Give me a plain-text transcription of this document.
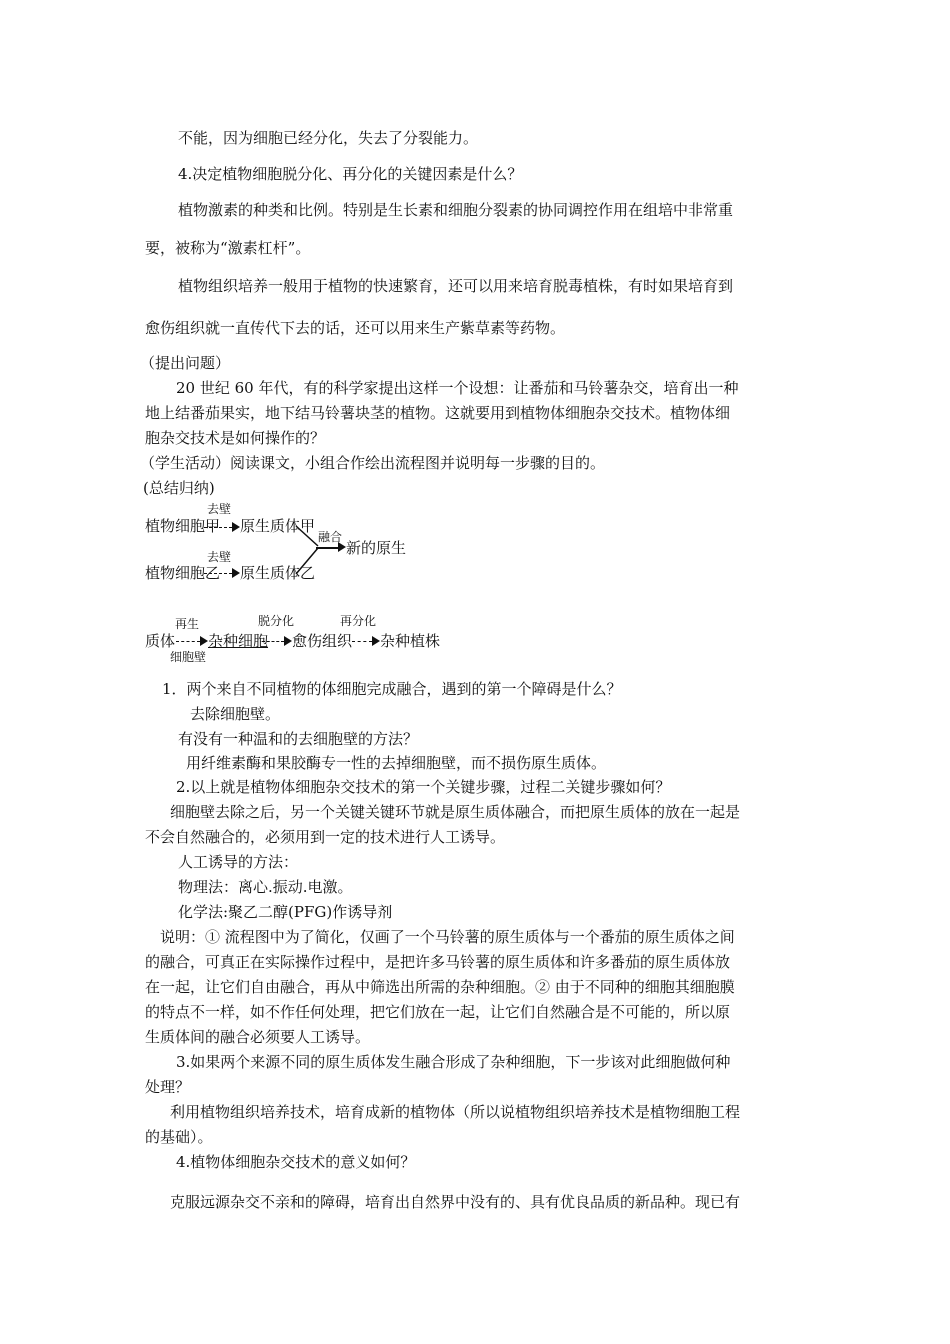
不能，因为细胞已经分化，失去了分裂能力。
4.决定植物细胞脱分化、再分化的关键因素是什么？
植物激素的种类和比例。特别是生长素和细胞分裂素的协同调控作用在组培中非常重
要，被称为“激素杠杆”。
植物组织培养一般用于植物的快速繁育，还可以用来培育脱毒植株，有时如果培育到
愈伤组织就一直传代下去的话，还可以用来生产紫草素等药物。
（提出问题）
20 世纪 60 年代，有的科学家提出这样一个设想：让番茄和马铃薯杂交，培育出一种
地上结番茄果实，地下结马铃薯块茎的植物。这就要用到植物体细胞杂交技术。植物体细
胞杂交技术是如何操作的？
（学生活动）阅读课文，小组合作绘出流程图并说明每一步骤的目的。
(总结归纳)
植物细胞甲
去壁
原生质体甲
植物细胞乙
去壁
原生质体乙
融合
新的原生
质体
再生
细胞壁
杂种细胞
脱分化
愈伤组织
再分化
杂种植株
1．两个来自不同植物的体细胞完成融合，遇到的第一个障碍是什么？
去除细胞壁。
有没有一种温和的去细胞壁的方法？
用纤维素酶和果胶酶专一性的去掉细胞壁，而不损伤原生质体。
2.以上就是植物体细胞杂交技术的第一个关键步骤，过程二关键步骤如何？
细胞壁去除之后，另一个关键关键环节就是原生质体融合，而把原生质体的放在一起是
不会自然融合的，必须用到一定的技术进行人工诱导。
人工诱导的方法：
物理法：离心.振动.电激。
化学法:聚乙二醇(PFG)作诱导剂
说明：① 流程图中为了简化，仅画了一个马铃薯的原生质体与一个番茄的原生质体之间
的融合，可真正在实际操作过程中，是把许多马铃薯的原生质体和许多番茄的原生质体放
在一起，让它们自由融合，再从中筛选出所需的杂种细胞。② 由于不同种的细胞其细胞膜
的特点不一样，如不作任何处理，把它们放在一起，让它们自然融合是不可能的，所以原
生质体间的融合必须要人工诱导。
3.如果两个来源不同的原生质体发生融合形成了杂种细胞，下一步该对此细胞做何种
处理？
利用植物组织培养技术，培育成新的植物体（所以说植物组织培养技术是植物细胞工程
的基础）。
4.植物体细胞杂交技术的意义如何？
克服远源杂交不亲和的障碍，培育出自然界中没有的、具有优良品质的新品种。现已有
